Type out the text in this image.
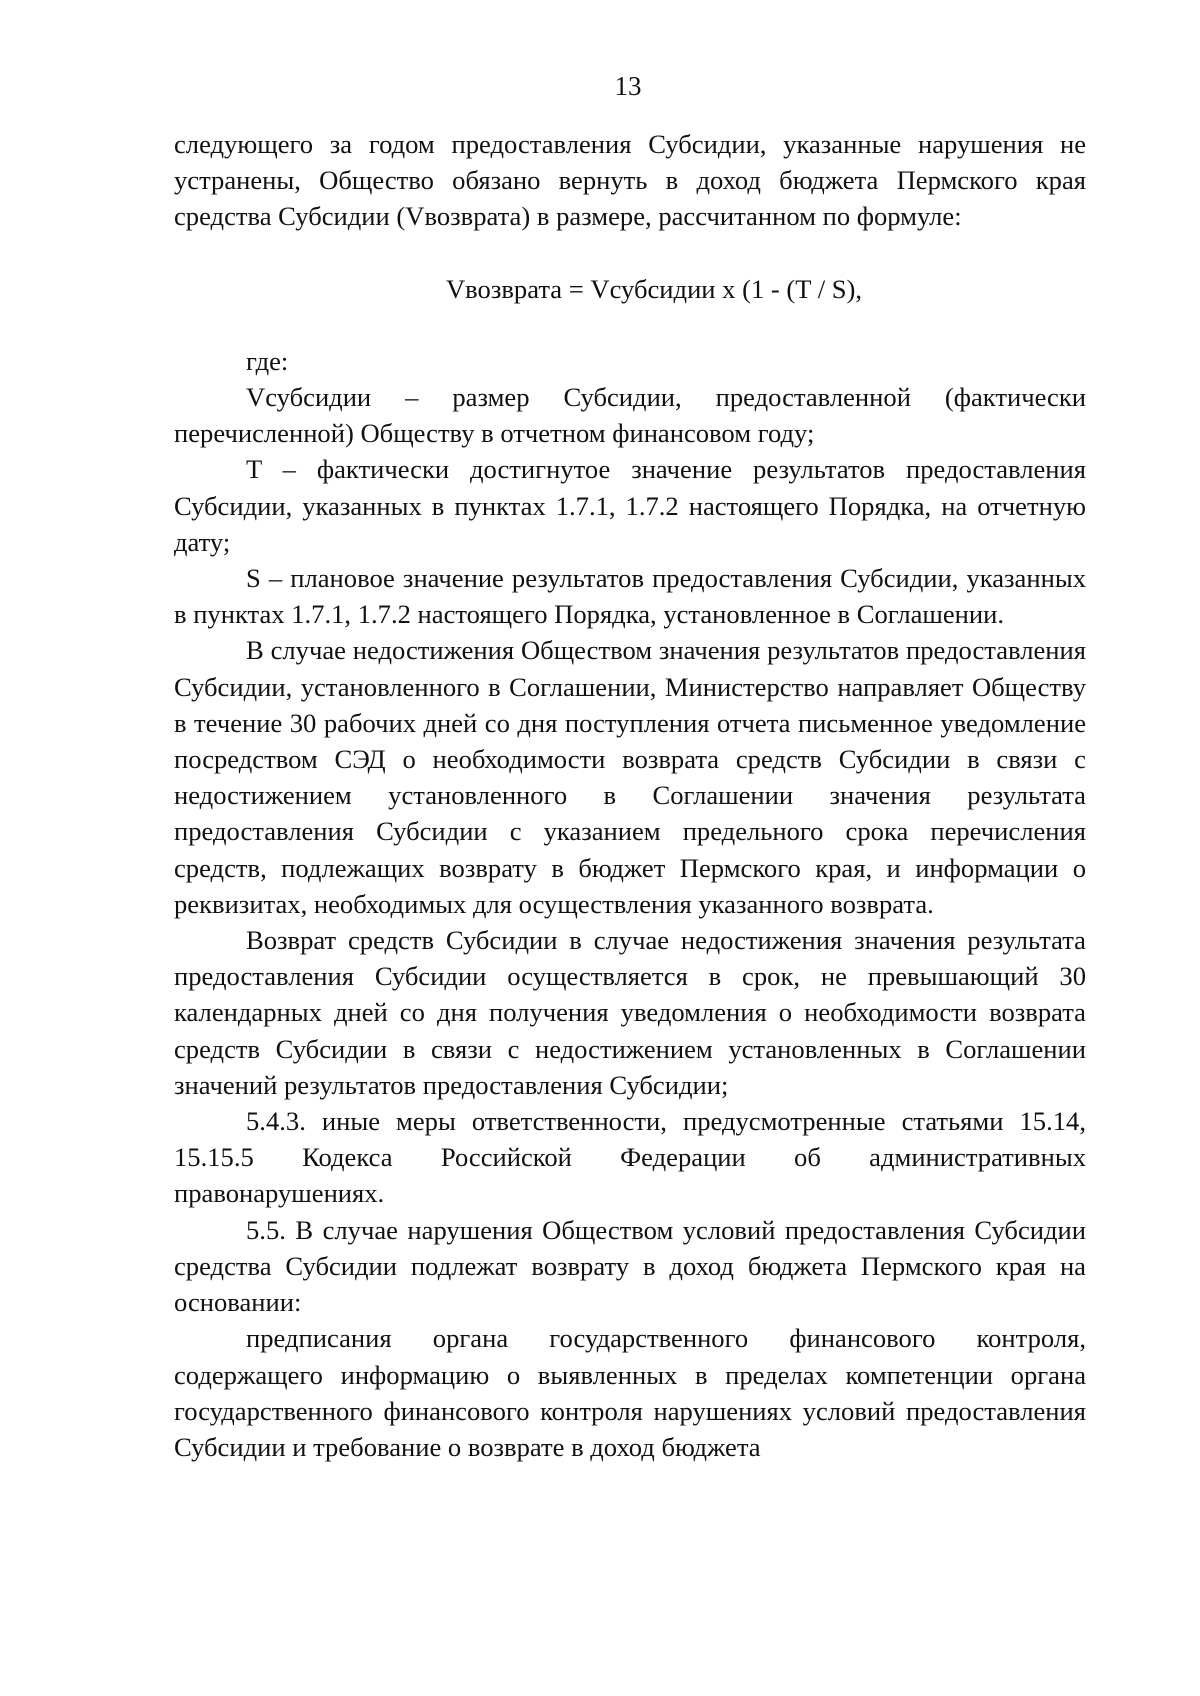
13

следующего за годом предоставления Субсидии, указанные нарушения не устранены, Общество обязано вернуть в доход бюджета Пермского края средства Субсидии (Vвозврата) в размере, рассчитанном по формуле:

Vвозврата = Vсубсидии х (1 - (T / S),

где:

Vсубсидии – размер Субсидии, предоставленной (фактически перечисленной) Обществу в отчетном финансовом году;

T – фактически достигнутое значение результатов предоставления Субсидии, указанных в пунктах 1.7.1, 1.7.2 настоящего Порядка, на отчетную дату;

S – плановое значение результатов предоставления Субсидии, указанных в пунктах 1.7.1, 1.7.2 настоящего Порядка, установленное в Соглашении.

В случае недостижения Обществом значения результатов предоставления Субсидии, установленного в Соглашении, Министерство направляет Обществу в течение 30 рабочих дней со дня поступления отчета письменное уведомление посредством СЭД о необходимости возврата средств Субсидии в связи с недостижением установленного в Соглашении значения результата предоставления Субсидии с указанием предельного срока перечисления средств, подлежащих возврату в бюджет Пермского края, и информации о реквизитах, необходимых для осуществления указанного возврата.

Возврат средств Субсидии в случае недостижения значения результата предоставления Субсидии осуществляется в срок, не превышающий 30 календарных дней со дня получения уведомления о необходимости возврата средств Субсидии в связи с недостижением установленных в Соглашении значений результатов предоставления Субсидии;

5.4.3. иные меры ответственности, предусмотренные статьями 15.14, 15.15.5 Кодекса Российской Федерации об административных правонарушениях.

5.5. В случае нарушения Обществом условий предоставления Субсидии средства Субсидии подлежат возврату в доход бюджета Пермского края на основании:

предписания органа государственного финансового контроля, содержащего информацию о выявленных в пределах компетенции органа государственного финансового контроля нарушениях условий предоставления Субсидии и требование о возврате в доход бюджета
